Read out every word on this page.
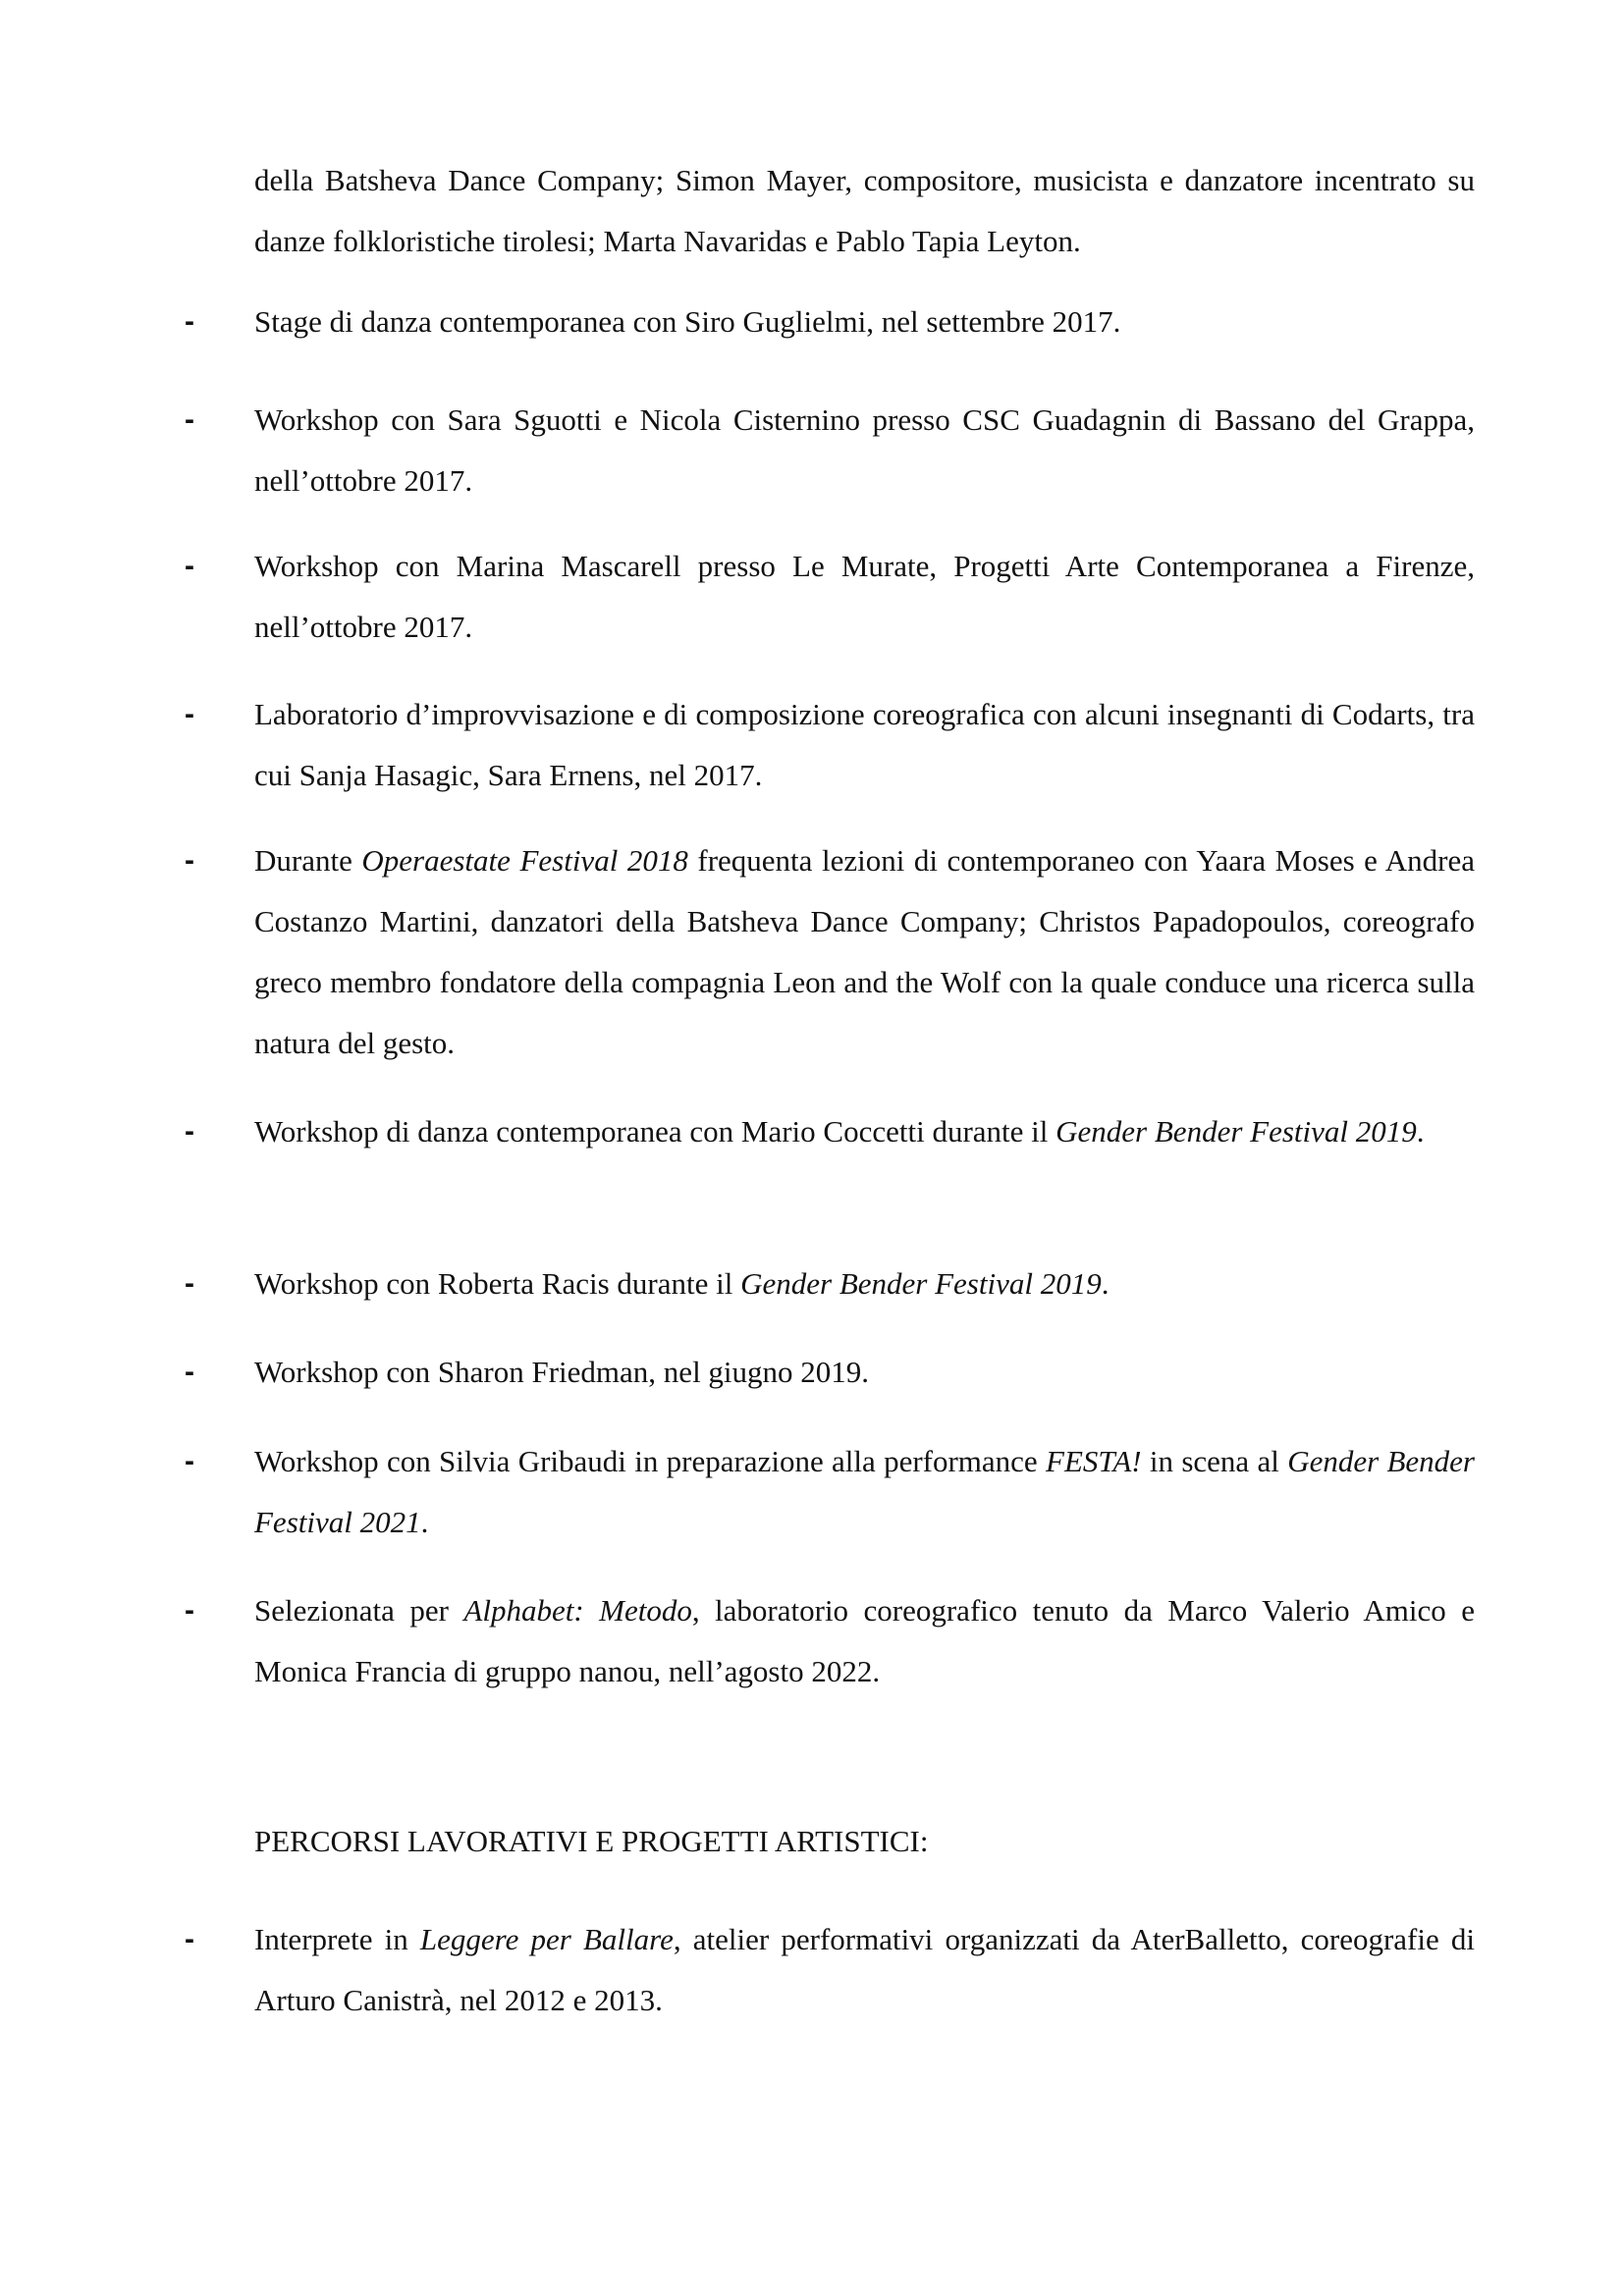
della Batsheva Dance Company; Simon Mayer, compositore, musicista e danzatore incentrato su danze folkloristiche tirolesi; Marta Navaridas e Pablo Tapia Leyton.

-	Stage di danza contemporanea con Siro Guglielmi, nel settembre 2017.
-	Workshop con Sara Sguotti e Nicola Cisternino presso CSC Guadagnin di Bassano del Grappa, nell’ottobre 2017.
-	Workshop con Marina Mascarell presso Le Murate, Progetti Arte Contemporanea a Firenze, nell’ottobre 2017.
-	Laboratorio d’improvvisazione e di composizione coreografica con alcuni insegnanti di Codarts, tra cui Sanja Hasagic, Sara Ernens, nel 2017.
-	Durante Operaestate Festival 2018 frequenta lezioni di contemporaneo con Yaara Moses e Andrea Costanzo Martini, danzatori della Batsheva Dance Company; Christos Papadopoulos, coreografo greco membro fondatore della compagnia Leon and the Wolf con la quale conduce una ricerca sulla natura del gesto.
-	Workshop di danza contemporanea con Mario Coccetti durante il Gender Bender Festival 2019.
-	Workshop con Roberta Racis durante il Gender Bender Festival 2019.
-	Workshop con Sharon Friedman, nel giugno 2019.
-	Workshop con Silvia Gribaudi in preparazione alla performance FESTA! in scena al Gender Bender Festival 2021.
-	Selezionata per Alphabet: Metodo, laboratorio coreografico tenuto da Marco Valerio Amico e Monica Francia di gruppo nanou, nell’agosto 2022.
PERCORSI LAVORATIVI E PROGETTI ARTISTICI:
-	Interprete in Leggere per Ballare, atelier performativi organizzati da AterBalletto, coreografie di Arturo Canistrà, nel 2012 e 2013.
